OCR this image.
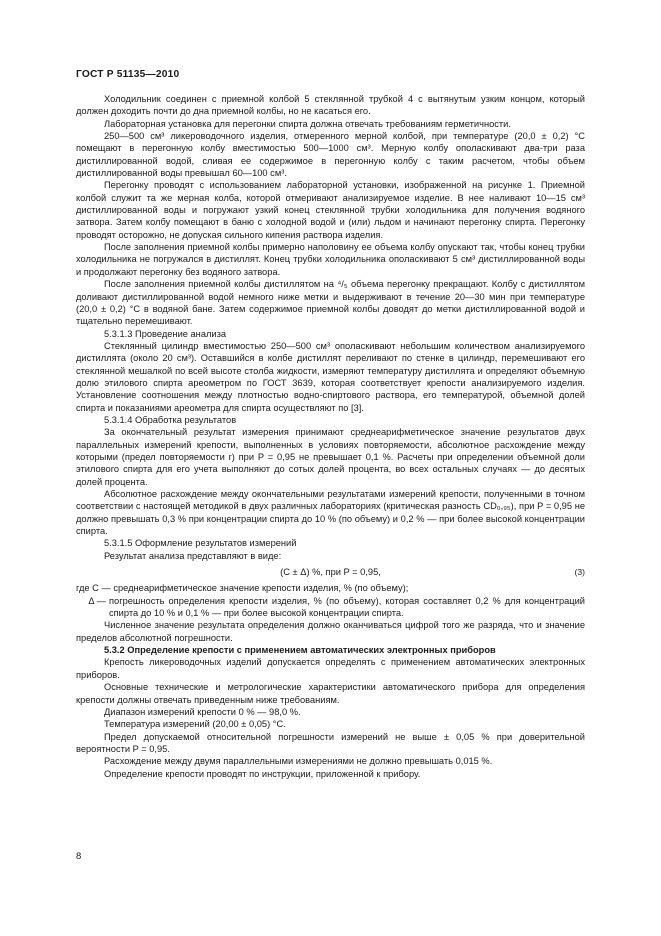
ГОСТ Р 51135—2010

Холодильник соединен с приемной колбой 5 стеклянной трубкой 4 с вытянутым узким концом, который должен доходить почти до дна приемной колбы, но не касаться его.

Лабораторная установка для перегонки спирта должна отвечать требованиям герметичности.

250—500 см³ ликероводочного изделия, отмеренного мерной колбой, при температуре (20,0 ± 0,2) °С помещают в перегонную колбу вместимостью 500—1000 см³. Мерную колбу ополаскивают два-три раза дистиллированной водой, сливая ее содержимое в перегонную колбу с таким расчетом, чтобы объем дистиллированной воды превышал 60—100 см³.

Перегонку проводят с использованием лабораторной установки, изображенной на рисунке 1. Приемной колбой служит та же мерная колба, которой отмеривают анализируемое изделие. В нее наливают 10—15 см³ дистиллированной воды и погружают узкий конец стеклянной трубки холодильника для получения водяного затвора. Затем колбу помещают в баню с холодной водой и (или) льдом и начинают перегонку спирта. Перегонку проводят осторожно, не допуская сильного кипения раствора изделия.

После заполнения приемной колбы примерно наполовину ее объема колбу опускают так, чтобы конец трубки холодильника не погружался в дистиллят. Конец трубки холодильника ополаскивают 5 см³ дистиллированной воды и продолжают перегонку без водяного затвора.

После заполнения приемной колбы дистиллятом на ⁴/₅ объема перегонку прекращают. Колбу с дистиллятом доливают дистиллированной водой немного ниже метки и выдерживают в течение 20—30 мин при температуре (20,0 ± 0,2) °С в водяной бане. Затем содержимое приемной колбы доводят до метки дистиллированной водой и тщательно перемешивают.

5.3.1.3 Проведение анализа

Стеклянный цилиндр вместимостью 250—500 см³ ополаскивают небольшим количеством анализируемого дистиллята (около 20 см³). Оставшийся в колбе дистиллят переливают по стенке в цилиндр, перемешивают его стеклянной мешалкой по всей высоте столба жидкости, измеряют температуру дистиллята и определяют объемную долю этилового спирта ареометром по ГОСТ 3639, которая соответствует крепости анализируемого изделия. Установление соотношения между плотностью водно-спиртового раствора, его температурой, объемной долей спирта и показаниями ареометра для спирта осуществляют по [3].

5.3.1.4 Обработка результатов

За окончательный результат измерения принимают среднеарифметическое значение результатов двух параллельных измерений крепости, выполненных в условиях повторяемости, абсолютное расхождение между которыми (предел повторяемости r) при P = 0,95 не превышает 0,1 %. Расчеты при определении объемной доли этилового спирта для его учета выполняют до сотых долей процента, во всех остальных случаях — до десятых долей процента.

Абсолютное расхождение между окончательными результатами измерений крепости, полученными в точном соответствии с настоящей методикой в двух различных лабораториях (критическая разность CD₀,₉₅), при P = 0,95 не должно превышать 0,3 % при концентрации спирта до 10 % (по объему) и 0,2 % — при более высокой концентрации спирта.

5.3.1.5 Оформление результатов измерений

Результат анализа представляют в виде:

(C ± Δ) %, при P = 0,95,	(3)

где C — среднеарифметическое значение крепости изделия, % (по объему);

Δ — погрешность определения крепости изделия, % (по объему), которая составляет 0,2 % для концентраций спирта до 10 % и 0,1 % — при более высокой концентрации спирта.

Численное значение результата определения должно оканчиваться цифрой того же разряда, что и значение пределов абсолютной погрешности.

5.3.2 Определение крепости с применением автоматических электронных приборов

Крепость ликероводочных изделий допускается определять с применением автоматических электронных приборов.

Основные технические и метрологические характеристики автоматического прибора для определения крепости должны отвечать приведенным ниже требованиям.

Диапазон измерений крепости 0 % — 98,0 %.

Температура измерений (20,00 ± 0,05) °С.

Предел допускаемой относительной погрешности измерений не выше ± 0,05 % при доверительной вероятности P = 0,95.

Расхождение между двумя параллельными измерениями не должно превышать 0,015 %.

Определение крепости проводят по инструкции, приложенной к прибору.

8
